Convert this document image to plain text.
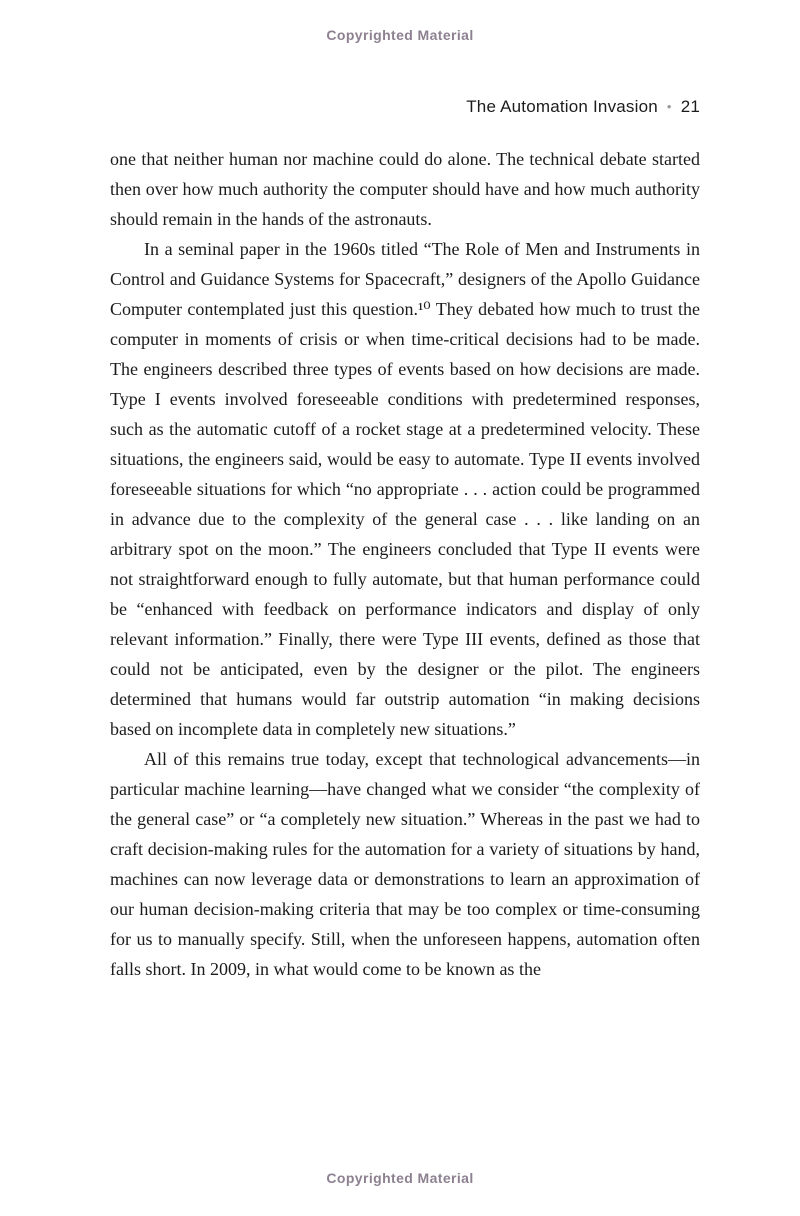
Copyrighted Material
The Automation Invasion • 21

one that neither human nor machine could do alone. The technical debate started then over how much authority the computer should have and how much authority should remain in the hands of the astronauts.

In a seminal paper in the 1960s titled “The Role of Men and Instruments in Control and Guidance Systems for Spacecraft,” designers of the Apollo Guidance Computer contemplated just this question.¹⁰ They debated how much to trust the computer in moments of crisis or when time-critical decisions had to be made. The engineers described three types of events based on how decisions are made. Type I events involved foreseeable conditions with predetermined responses, such as the automatic cutoff of a rocket stage at a predetermined velocity. These situations, the engineers said, would be easy to automate. Type II events involved foreseeable situations for which “no appropriate . . . action could be programmed in advance due to the complexity of the general case . . . like landing on an arbitrary spot on the moon.” The engineers concluded that Type II events were not straightforward enough to fully automate, but that human performance could be “enhanced with feedback on performance indicators and display of only relevant information.” Finally, there were Type III events, defined as those that could not be anticipated, even by the designer or the pilot. The engineers determined that humans would far outstrip automation “in making decisions based on incomplete data in completely new situations.”

All of this remains true today, except that technological advancements—in particular machine learning—have changed what we consider “the complexity of the general case” or “a completely new situation.” Whereas in the past we had to craft decision-making rules for the automation for a variety of situations by hand, machines can now leverage data or demonstrations to learn an approximation of our human decision-making criteria that may be too complex or time-consuming for us to manually specify. Still, when the unforeseen happens, automation often falls short. In 2009, in what would come to be known as the

Copyrighted Material
